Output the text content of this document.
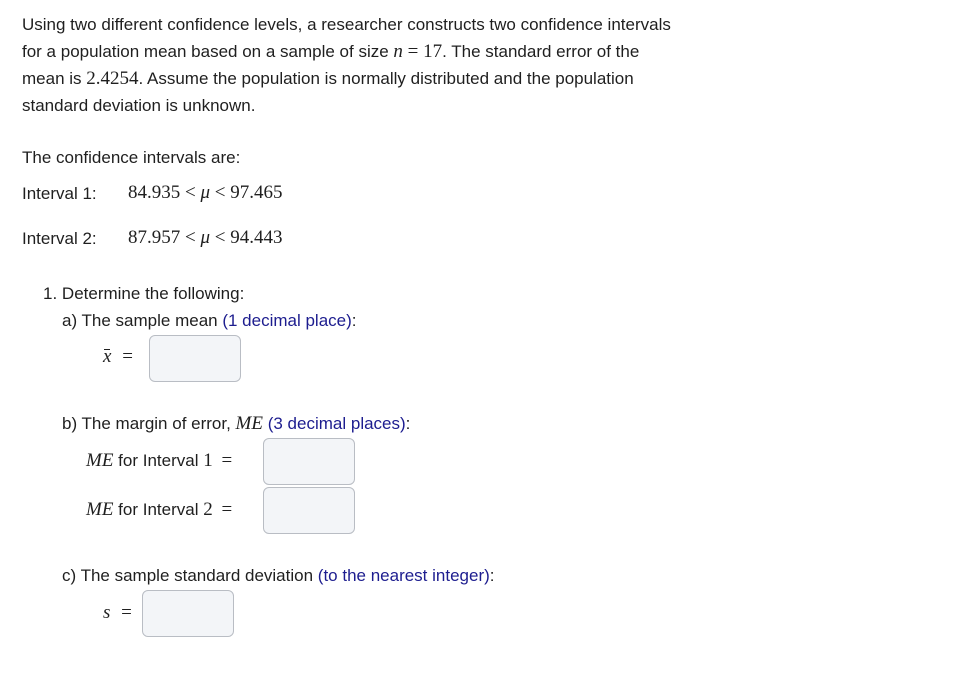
Using two different confidence levels, a researcher constructs two confidence intervals

for a population mean based on a sample of size n = 17. The standard error of the

mean is 2.4254. Assume the population is normally distributed and the population

standard deviation is unknown.

The confidence intervals are:
Interval 1: 84.935 < μ < 97.465
Interval 2: 87.957 < μ < 94.443
1. Determine the following:
a) The sample mean (1 decimal place):
x =
b) The margin of error, ME (3 decimal places):
ME for Interval 1 =
ME for Interval 2 =
c) The sample standard deviation (to the nearest integer):
s =
